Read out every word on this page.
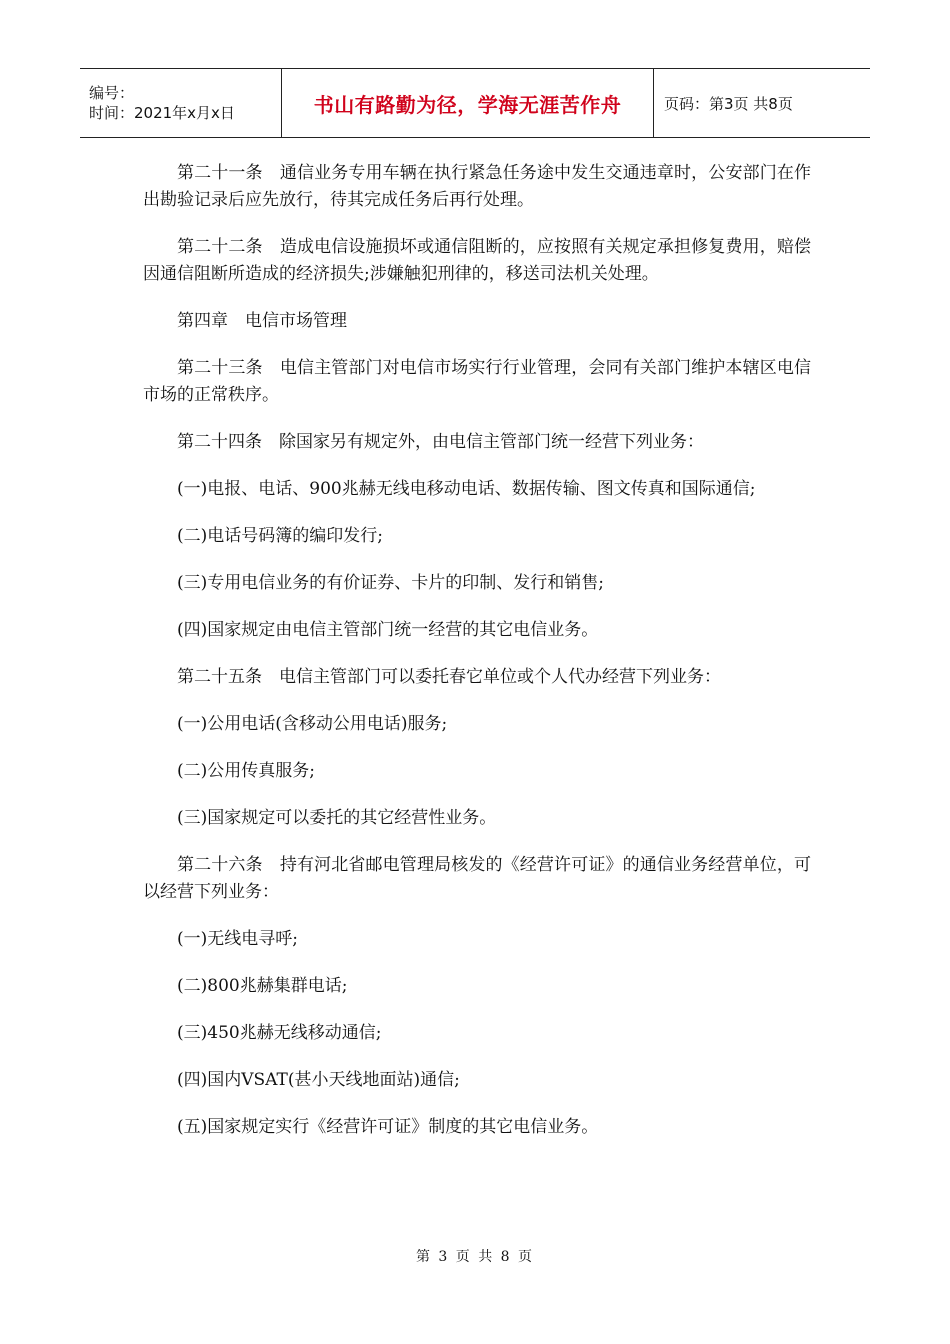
编号：
时间：2021年x月x日	书山有路勤为径，学海无涯苦作舟	页码：第3页 共8页

第二十一条　通信业务专用车辆在执行紧急任务途中发生交通违章时，公安部门在作出勘验记录后应先放行，待其完成任务后再行处理。

第二十二条　造成电信设施损坏或通信阻断的，应按照有关规定承担修复费用，赔偿因通信阻断所造成的经济损失;涉嫌触犯刑律的，移送司法机关处理。

第四章　电信市场管理

第二十三条　电信主管部门对电信市场实行行业管理，会同有关部门维护本辖区电信市场的正常秩序。

第二十四条　除国家另有规定外，由电信主管部门统一经营下列业务：

(一)电报、电话、900兆赫无线电移动电话、数据传输、图文传真和国际通信;

(二)电话号码簿的编印发行;

(三)专用电信业务的有价证券、卡片的印制、发行和销售;

(四)国家规定由电信主管部门统一经营的其它电信业务。

第二十五条　电信主管部门可以委托春它单位或个人代办经营下列业务：

(一)公用电话(含移动公用电话)服务;

(二)公用传真服务;

(三)国家规定可以委托的其它经营性业务。

第二十六条　持有河北省邮电管理局核发的《经营许可证》的通信业务经营单位，可以经营下列业务：

(一)无线电寻呼;

(二)800兆赫集群电话;

(三)450兆赫无线移动通信;

(四)国内VSAT(甚小天线地面站)通信;

(五)国家规定实行《经营许可证》制度的其它电信业务。

第 3 页 共 8 页
